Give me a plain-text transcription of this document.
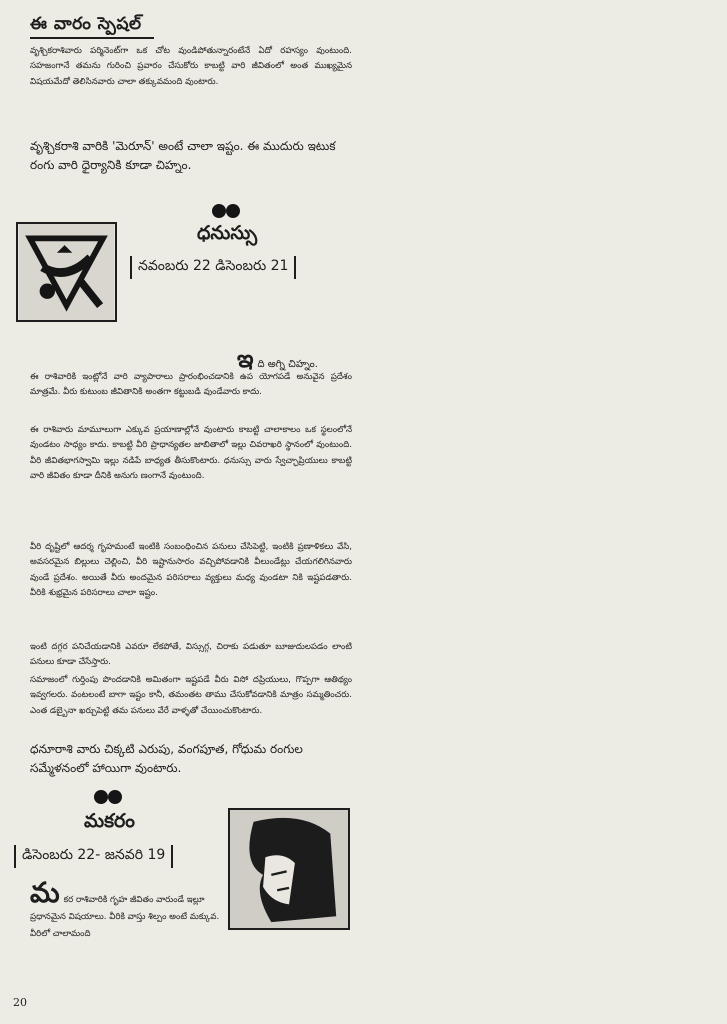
ఈ వారం స్పెషల్

వృశ్చికరాశివారు పర్మినెంట్‌గా ఒక చోట వుండిపోతున్నారంటేనే ఏదో రహస్యం వుంటుంది. సహజంగానే తమను గురించి ప్రవారం చేసుకోరు కాబట్టి వారి జీవితంలో అంత ముఖ్యమైన విషయమేదో తెలిసినవారు చాలా తక్కువమంది వుంటారు.

వృశ్చికరాశి వారికి 'మెరూన్' అంటే చాలా ఇష్టం. ఈ ముదురు ఇటుక రంగు వారి ధైర్యానికి కూడా చిహ్నం.

ధనుస్సు
నవంబరు 22 డిసెంబరు 21
ఇది అగ్ని చిహ్నం.

ఈ రాశివారికి ఇంట్లోనే వారి వ్యాపారాలు ప్రారంభించడానికి ఉప యోగపడే అనువైన ప్రదేశం మాత్రమే. వీరు కుటుంబ జీవితానికి అంతగా కట్టుబడి వుండేవారు కాదు.

ఈ రాశివారు మామూలుగా ఎక్కువ ప్రయాణాల్లోనే వుంటారు కాబట్టి చాలాకాలం ఒక స్థలంలోనే వుండటం సాధ్యం కాదు. కాబట్టి వీరి ప్రాధాన్యతల జాబితాలో ఇల్లు చివరాఖరి స్థానంలో వుంటుంది. వీరి జీవితభాగస్వామి ఇల్లు నడిపే బాధ్యత తీసుకొంటారు. ధనుస్సు వారు స్వేచ్ఛాప్రియులు కాబట్టి వారి జీవితం కూడా దీనికి అనుగు ణంగానే వుంటుంది.

వీరి దృష్టిలో ఆదర్శ గృహమంటే ఇంటికి సంబంధించిన పనులు చేసిపెట్టి, ఇంటికి ప్రణాళికలు వేసి, అవసరమైన బిల్లులు చెల్లించి, వీరి ఇష్టానుసారం వచ్చిపోవడానికి వీలుండేట్లు చేయగలిగినవారు వుండే ప్రదేశం. అయితే వీరు అందమైన పరిసరాలు వ్యక్తులు మధ్య వుండటా నికి ఇష్టపడతారు. వీరికి శుభ్రమైన పరిసరాలు చాలా ఇష్టం.

ఇంటి దగ్గర పనిచేయడానికి ఎవరూ లేకపోతే, విస్సుగ్గ, చిరాకు పడుతూ బూజుదులపడం లాంటి పనులు కూడా చేసేస్తారు.

సమాజంలో గుర్తింపు పొందడానికి అమితంగా ఇష్టపడే వీరు విసో దప్రియులు, గొప్పగా ఆతిథ్యం ఇవ్వగలరు. వంటలంటే బాగా ఇష్టం కానీ, తమంతట తాము చేసుకోవడానికి మాత్రం సమ్మతించరు. ఎంత డబ్బైనా ఖర్చుపెట్టి తమ పనులు వేరే వాళ్ళతో చేయించుకొంటారు.

ధనూరాశి వారు చిక్కటి ఎరుపు, వంగపూత, గోధుమ రంగుల సమ్మేళనంలో హాయిగా వుంటారు.

మకరం
డిసెంబరు 22- జనవరి 19
మకర రాశివారికి గృహ జీవితం వారుండే ఇల్లూ ప్రధానమైన విషయాలు. వీరికి వాస్తు శిల్పం అంటే మక్కువ. వీరిలో చాలామంది

20
